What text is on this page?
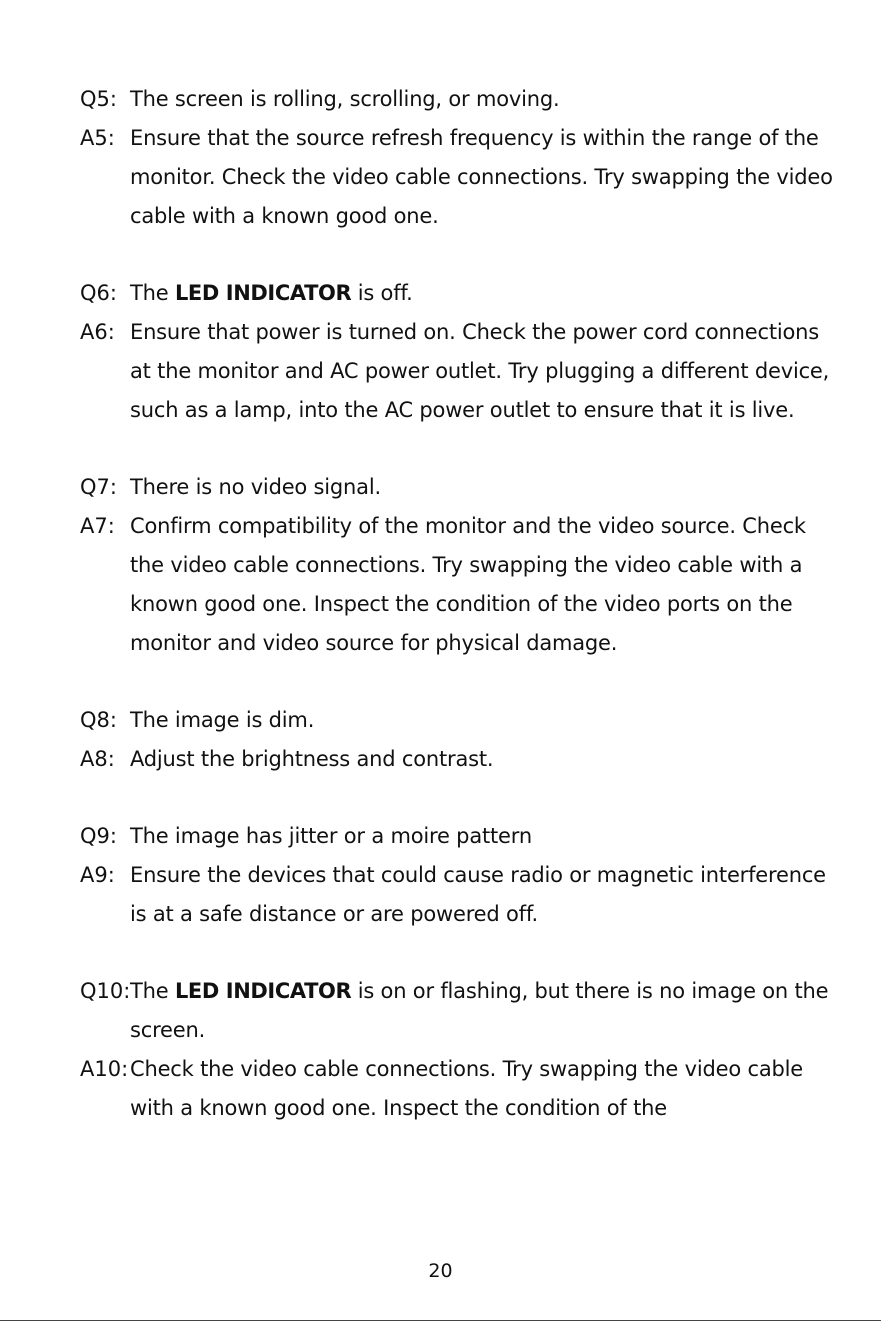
Q5: The screen is rolling, scrolling, or moving.
A5: Ensure that the source refresh frequency is within the range of the monitor. Check the video cable connections. Try swapping the video cable with a known good one.
Q6: The LED INDICATOR is off.
A6: Ensure that power is turned on. Check the power cord connections at the monitor and AC power outlet. Try plugging a different device, such as a lamp, into the AC power outlet to ensure that it is live.
Q7: There is no video signal.
A7: Confirm compatibility of the monitor and the video source. Check the video cable connections. Try swapping the video cable with a known good one. Inspect the condition of the video ports on the monitor and video source for physical damage.
Q8: The image is dim.
A8: Adjust the brightness and contrast.
Q9: The image has jitter or a moire pattern
A9: Ensure the devices that could cause radio or magnetic interference is at a safe distance or are powered off.
Q10: The LED INDICATOR is on or flashing, but there is no image on the screen.
A10: Check the video cable connections. Try swapping the video cable with a known good one. Inspect the condition of the
20
